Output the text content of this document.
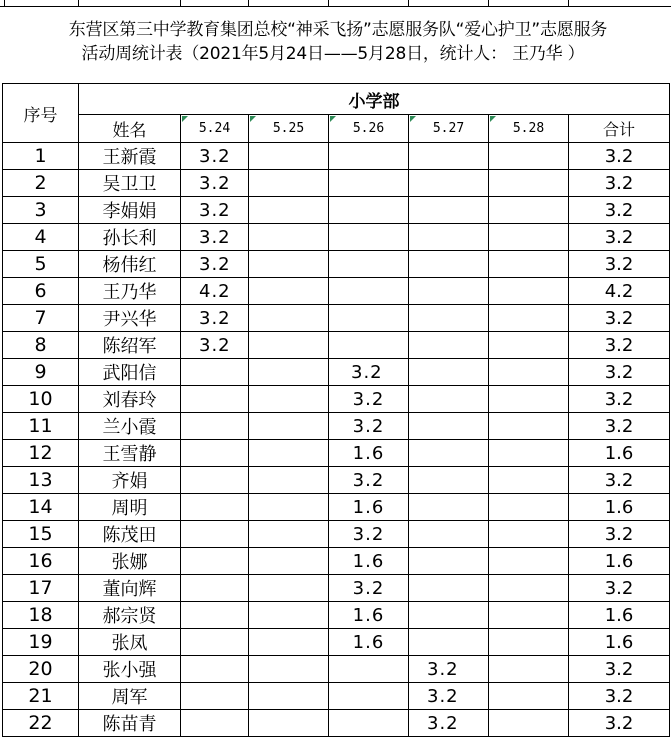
东营区第三中学教育集团总校“神采飞扬”志愿服务队“爱心护卫”志愿服务
活动周统计表（2021年5月24日——5月28日，统计人： 王乃华 ）
序号	小学部						
	姓名	5.24	5.25	5.26	5.27	5.28	合计
1	王新霞	3.2					3.2
2	吴卫卫	3.2					3.2
3	李娟娟	3.2					3.2
4	孙长利	3.2					3.2
5	杨伟红	3.2					3.2
6	王乃华	4.2					4.2
7	尹兴华	3.2					3.2
8	陈绍军	3.2					3.2
9	武阳信			3.2			3.2
10	刘春玲			3.2			3.2
11	兰小霞			3.2			3.2
12	王雪静			1.6			1.6
13	齐娟			3.2			3.2
14	周明			1.6			1.6
15	陈茂田			3.2			3.2
16	张娜			1.6			1.6
17	董向辉			3.2			3.2
18	郝宗贤			1.6			1.6
19	张凤			1.6			1.6
20	张小强				3.2		3.2
21	周军				3.2		3.2
22	陈苗青				3.2		3.2
